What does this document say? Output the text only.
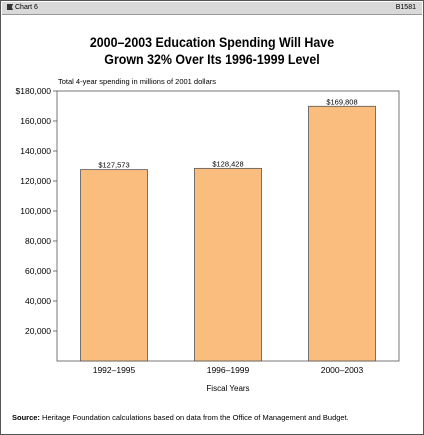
Chart 6	B1581
2000–2003 Education Spending Will Have
Grown 32% Over Its 1996-1999 Level
Total 4-year spending in millions of 2001 dollars
20,000
40,000
60,000
80,000
100,000
120,000
140,000
160,000
$180,000
$127,573	$128,428
$169,808
1992–1995	1996–1999	2000–2003
Fiscal Years
Source: Heritage Foundation calculations based on data from the Office of Management and Budget.
